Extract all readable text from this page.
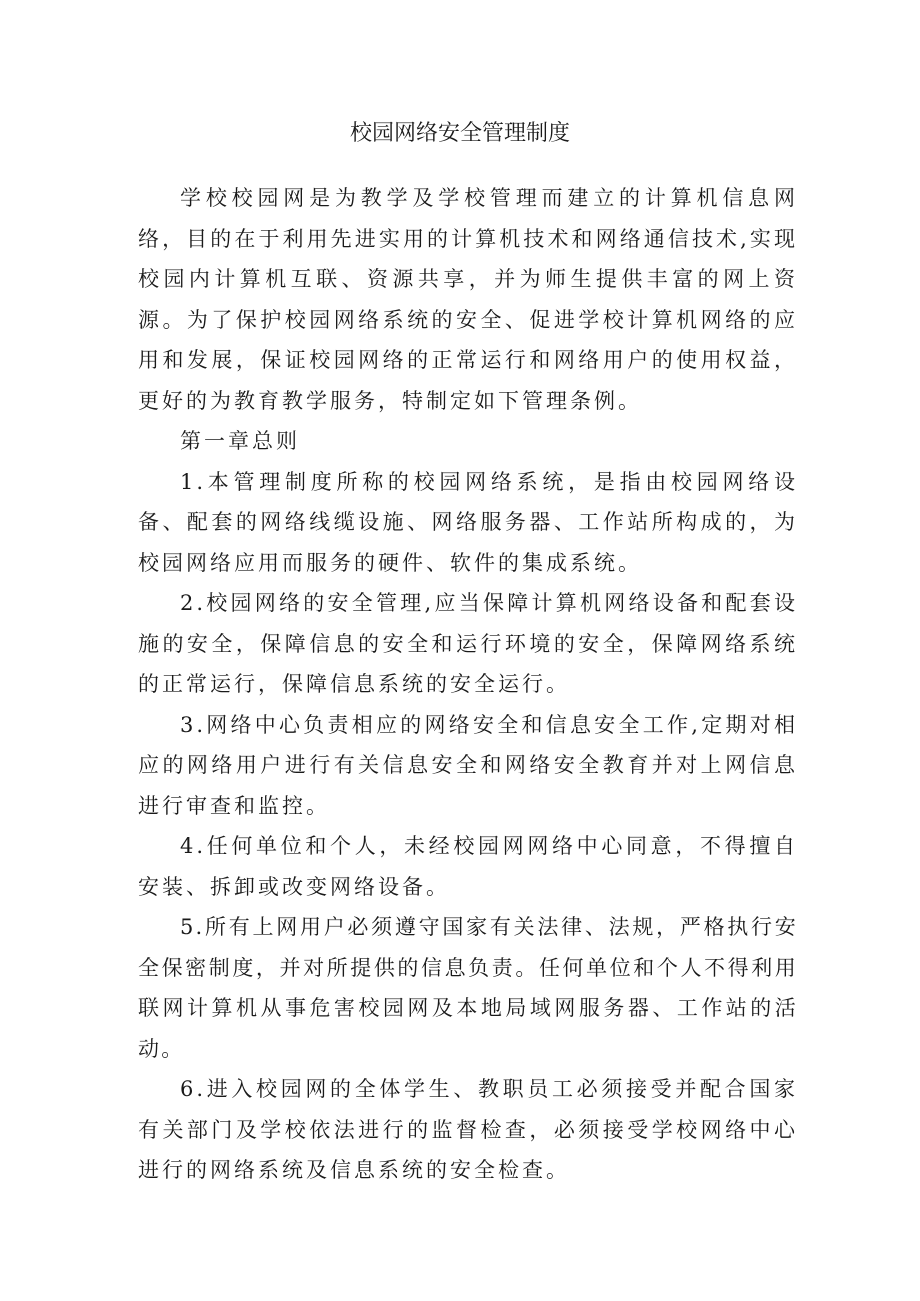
校园网络安全管理制度

学校校园网是为教学及学校管理而建立的计算机信息网络，目的在于利用先进实用的计算机技术和网络通信技术,实现校园内计算机互联、资源共享，并为师生提供丰富的网上资源。为了保护校园网络系统的安全、促进学校计算机网络的应用和发展，保证校园网络的正常运行和网络用户的使用权益，更好的为教育教学服务，特制定如下管理条例。

第一章总则

1.本管理制度所称的校园网络系统，是指由校园网络设备、配套的网络线缆设施、网络服务器、工作站所构成的，为校园网络应用而服务的硬件、软件的集成系统。

2.校园网络的安全管理,应当保障计算机网络设备和配套设施的安全，保障信息的安全和运行环境的安全，保障网络系统的正常运行，保障信息系统的安全运行。

3.网络中心负责相应的网络安全和信息安全工作,定期对相应的网络用户进行有关信息安全和网络安全教育并对上网信息进行审查和监控。

4.任何单位和个人，未经校园网网络中心同意，不得擅自安装、拆卸或改变网络设备。

5.所有上网用户必须遵守国家有关法律、法规，严格执行安全保密制度，并对所提供的信息负责。任何单位和个人不得利用联网计算机从事危害校园网及本地局域网服务器、工作站的活动。

6.进入校园网的全体学生、教职员工必须接受并配合国家有关部门及学校依法进行的监督检查，必须接受学校网络中心进行的网络系统及信息系统的安全检查。
